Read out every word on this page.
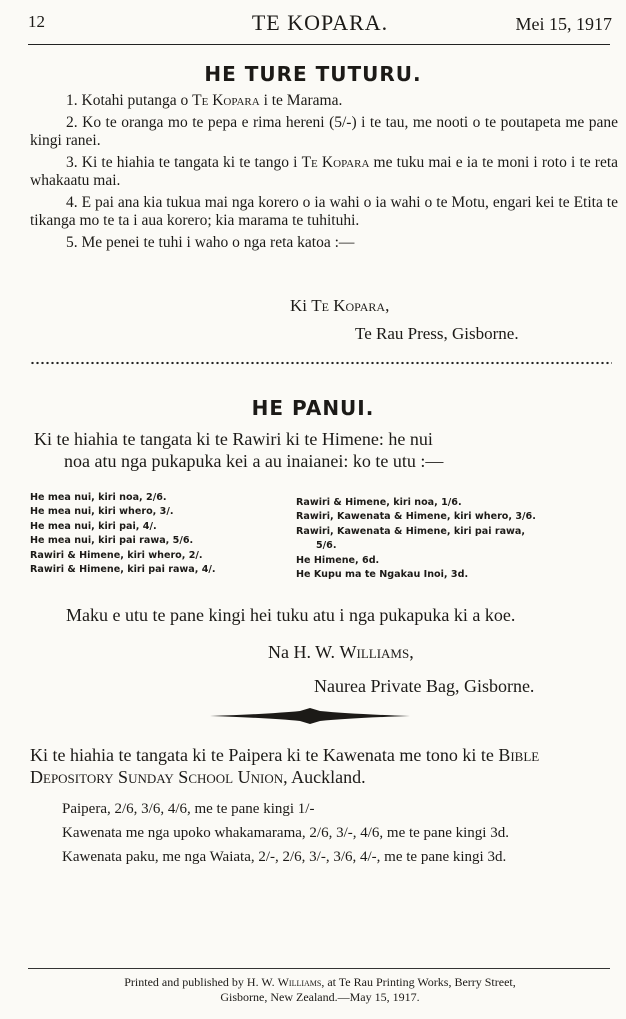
12	TE KOPARA.	Mei 15, 1917
HE TURE TUTURU.

1. Kotahi putanga o Te Kopara i te Marama.

2. Ko te oranga mo te pepa e rima hereni (5/-) i te tau, me nooti o te poutapeta me pane kingi ranei.

3. Ki te hiahia te tangata ki te tango i Te Kopara me tuku mai e ia te moni i roto i te reta whakaatu mai.

4. E pai ana kia tukua mai nga korero o ia wahi o ia wahi o te Motu, engari kei te Etita te tikanga mo te ta i aua korero; kia marama te tuhituhi.

5. Me penei te tuhi i waho o nga reta katoa :—

Ki Te Kopara,
Te Rau Press, Gisborne.
HE PANUI.
Ki te hiahia te tangata ki te Rawiri ki te Himene: he nui
noa atu nga pukapuka kei a au inaianei: ko te utu :—
He mea nui, kiri noa, 2/6.
He mea nui, kiri whero, 3/.
He mea nui, kiri pai, 4/.
He mea nui, kiri pai rawa, 5/6.
Rawiri & Himene, kiri whero, 2/.
Rawiri & Himene, kiri pai rawa, 4/.
Rawiri & Himene, kiri noa, 1/6.
Rawiri, Kawenata & Himene, kiri whero, 3/6.
Rawiri, Kawenata & Himene, kiri pai rawa,
5/6.
He Himene, 6d.
He Kupu ma te Ngakau Inoi, 3d.
Maku e utu te pane kingi hei tuku atu i nga pukapuka ki a koe.
Na H. W. Williams,
Naurea Private Bag, Gisborne.
Ki te hiahia te tangata ki te Paipera ki te Kawenata me tono ki te Bible Depository Sunday School Union, Auckland.

Paipera, 2/6, 3/6, 4/6, me te pane kingi 1/-

Kawenata me nga upoko whakamarama, 2/6, 3/-, 4/6, me te pane kingi 3d.

Kawenata paku, me nga Waiata, 2/-, 2/6, 3/-, 3/6, 4/-, me te pane kingi 3d.

Printed and published by H. W. Williams, at Te Rau Printing Works, Berry Street,
Gisborne, New Zealand.—May 15, 1917.
